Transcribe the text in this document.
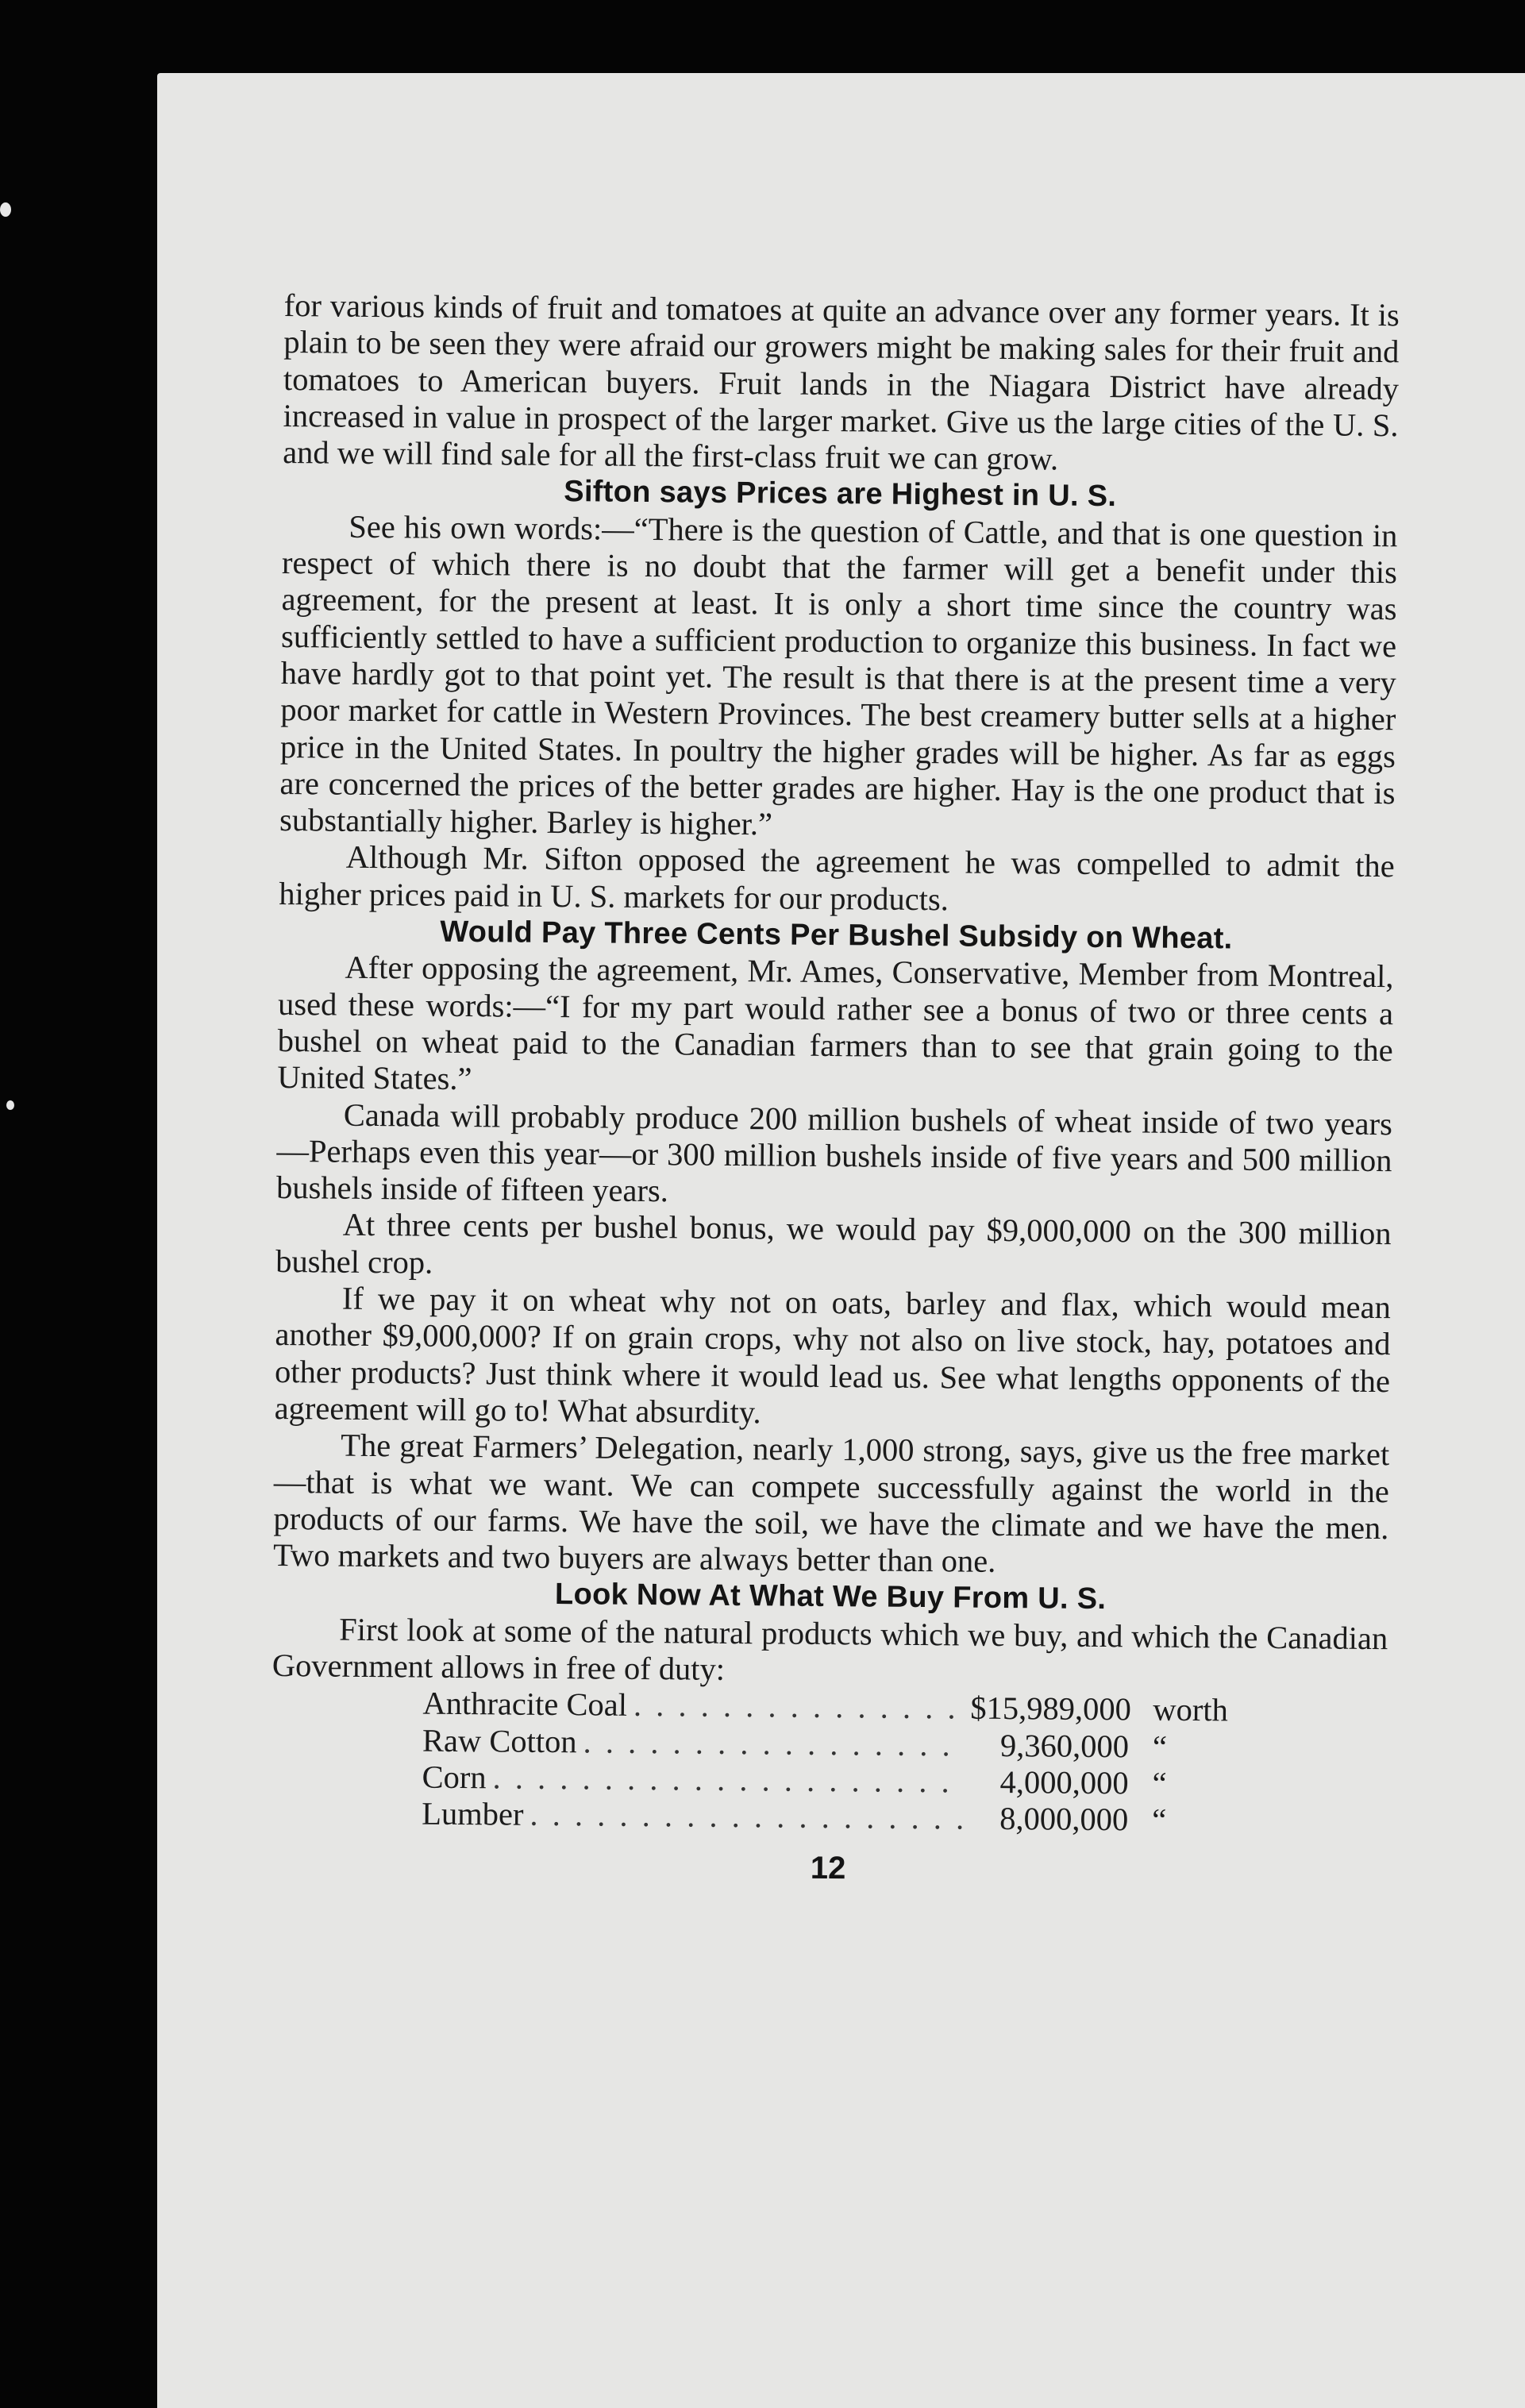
for various kinds of fruit and tomatoes at quite an advance over any former years. It is plain to be seen they were afraid our growers might be making sales for their fruit and tomatoes to American buyers. Fruit lands in the Niagara District have already increased in value in prospect of the larger market. Give us the large cities of the U. S. and we will find sale for all the first-class fruit we can grow.

Sifton says Prices are Highest in U. S.

See his own words:—“There is the question of Cattle, and that is one question in respect of which there is no doubt that the farmer will get a benefit under this agreement, for the present at least. It is only a short time since the country was sufficiently settled to have a sufficient production to organize this business. In fact we have hardly got to that point yet. The result is that there is at the present time a very poor market for cattle in Western Provinces. The best creamery butter sells at a higher price in the United States. In poultry the higher grades will be higher. As far as eggs are concerned the prices of the better grades are higher. Hay is the one product that is substantially higher. Barley is higher.”

Although Mr. Sifton opposed the agreement he was compelled to admit the higher prices paid in U. S. markets for our products.

Would Pay Three Cents Per Bushel Subsidy on Wheat.

After opposing the agreement, Mr. Ames, Conservative, Member from Montreal, used these words:—“I for my part would rather see a bonus of two or three cents a bushel on wheat paid to the Canadian farmers than to see that grain going to the United States.”

Canada will probably produce 200 million bushels of wheat inside of two years—Perhaps even this year—or 300 million bushels inside of five years and 500 million bushels inside of fifteen years.

At three cents per bushel bonus, we would pay $9,000,000 on the 300 million bushel crop.

If we pay it on wheat why not on oats, barley and flax, which would mean another $9,000,000? If on grain crops, why not also on live stock, hay, potatoes and other products? Just think where it would lead us. See what lengths opponents of the agreement will go to! What absurdity.

The great Farmers’ Delegation, nearly 1,000 strong, says, give us the free market—that is what we want. We can compete successfully against the world in the products of our farms. We have the soil, we have the climate and we have the men. Two markets and two buyers are always better than one.

Look Now At What We Buy From U. S.

First look at some of the natural products which we buy, and which the Canadian Government allows in free of duty:

Anthracite Coal . . .	$15,989,000 worth
Raw Cotton . . .	9,360,000 “
Corn . . .	4,000,000 “
Lumber . . .	8,000,000 “
12
